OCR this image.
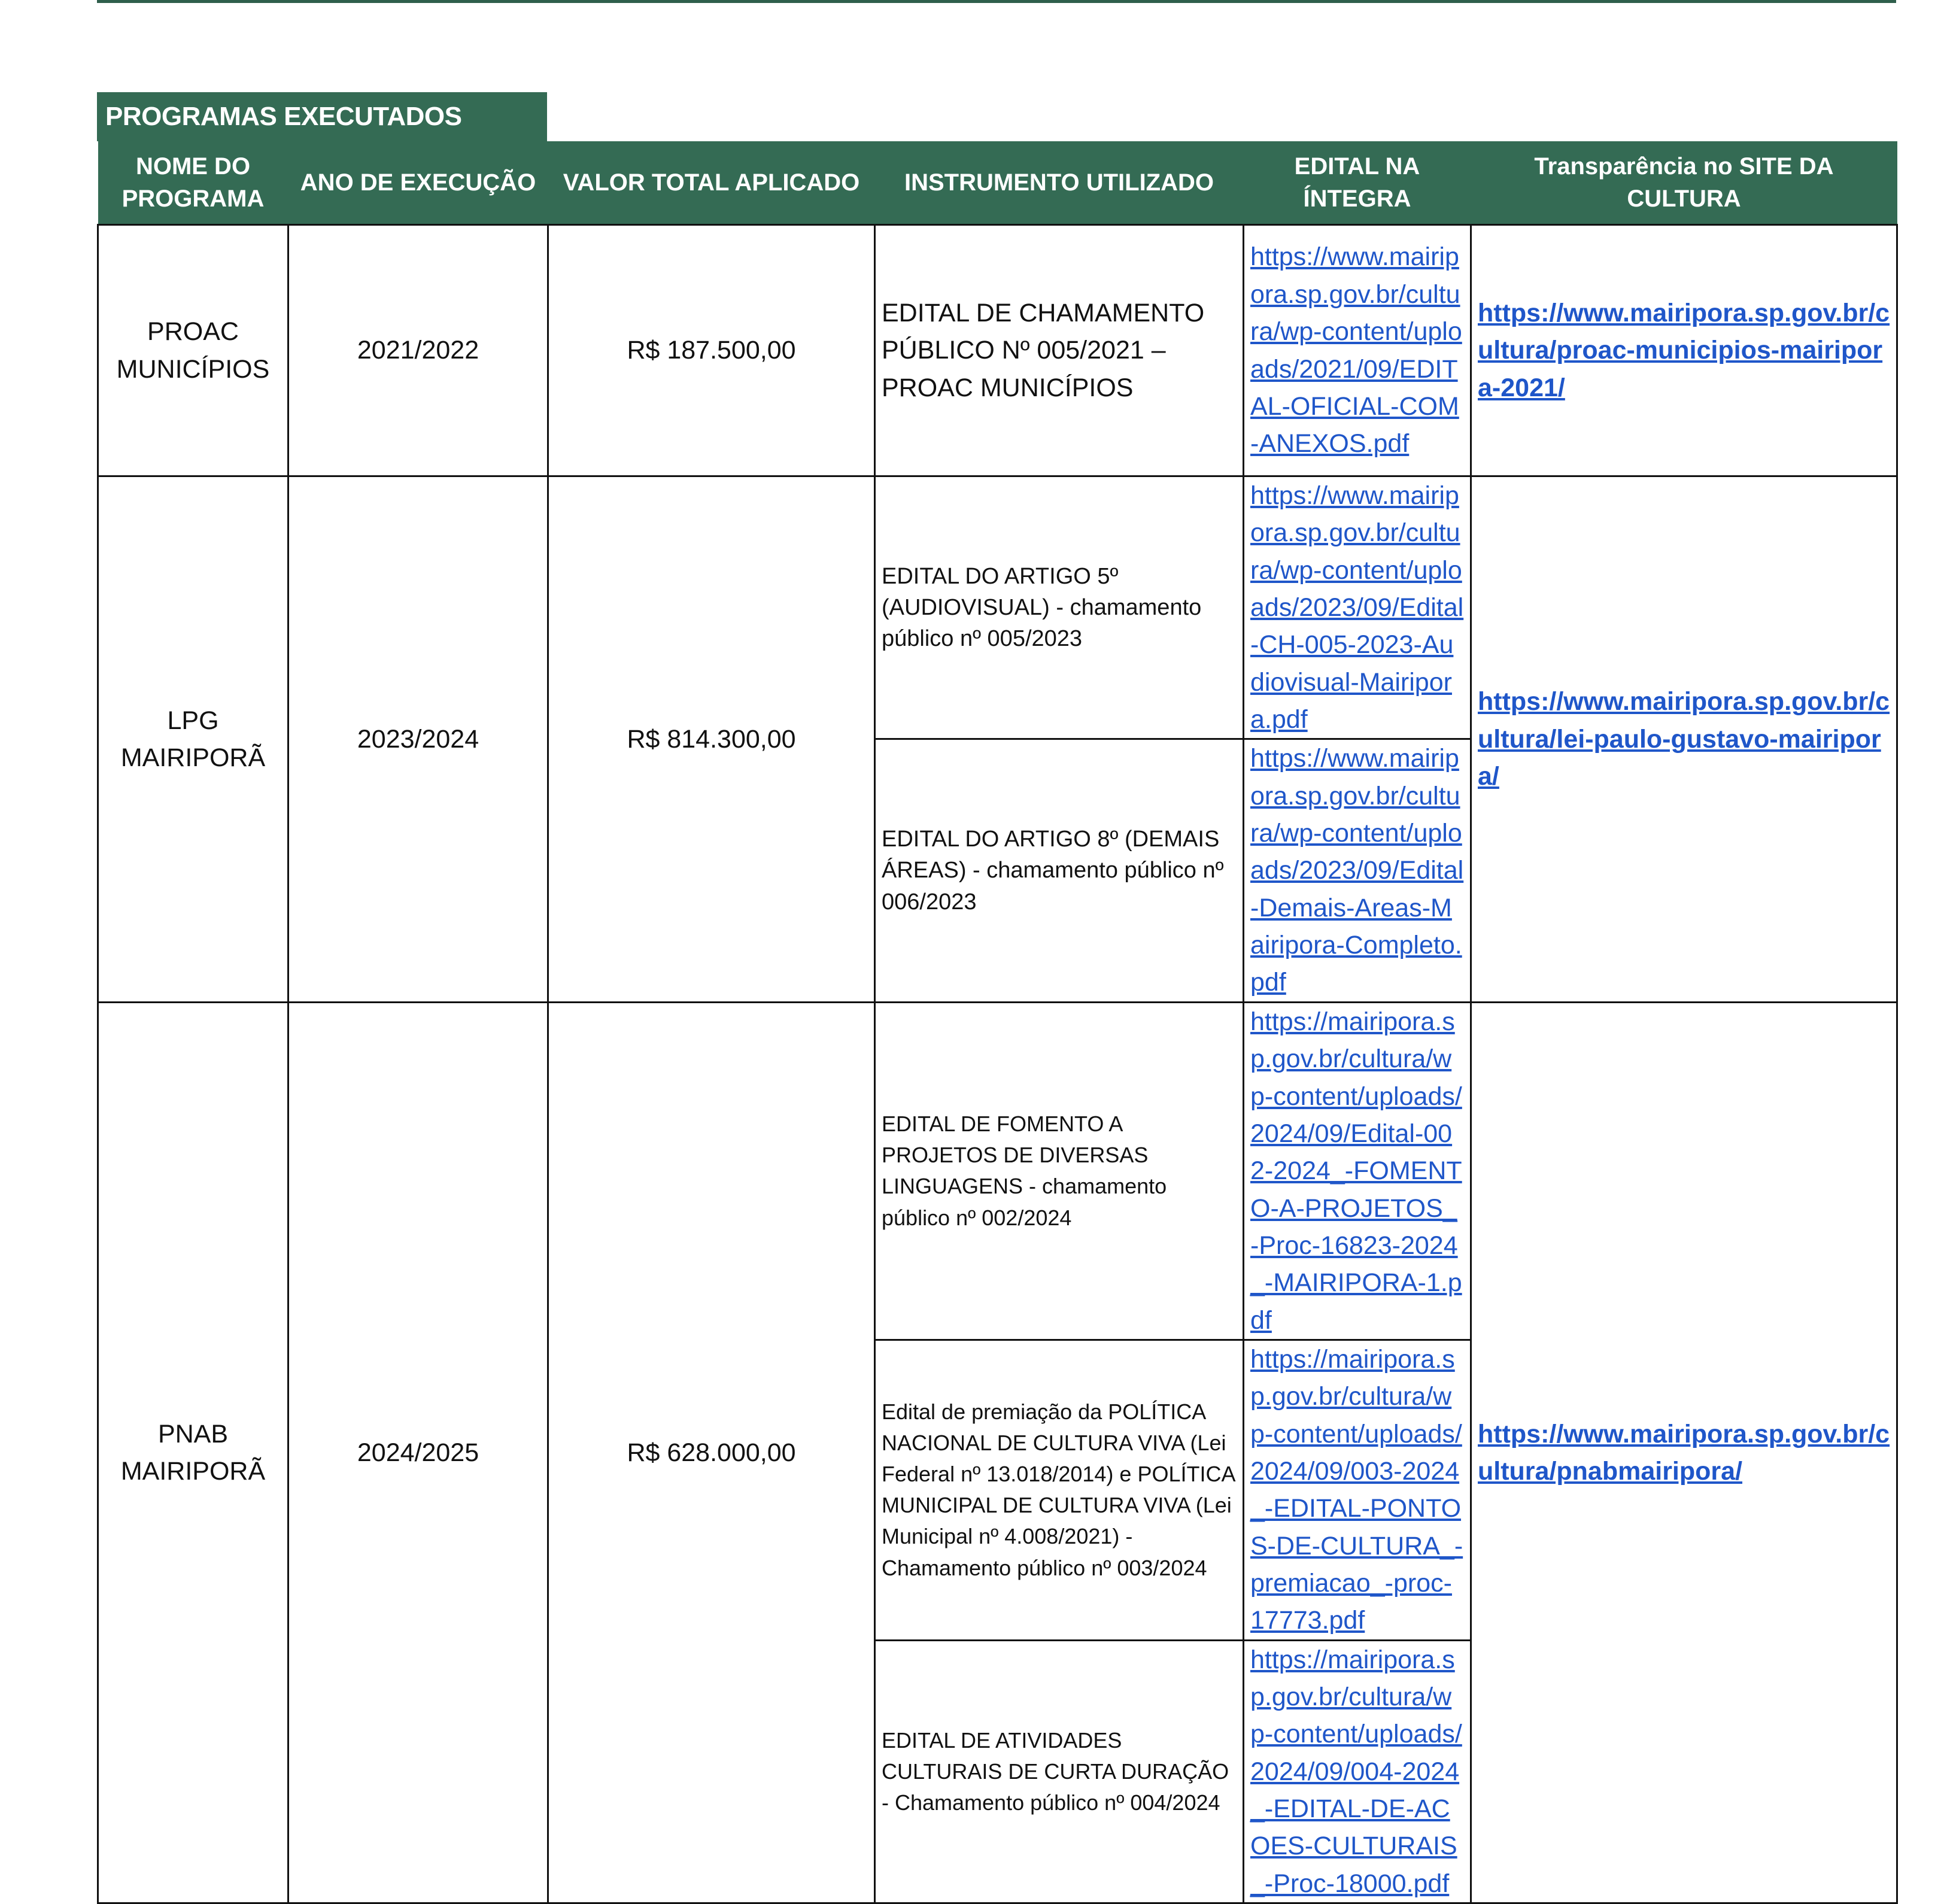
PROGRAMAS EXECUTADOS
NOME DO PROGRAMA	ANO DE EXECUÇÃO	VALOR TOTAL APLICADO	INSTRUMENTO UTILIZADO	EDITAL NA ÍNTEGRA	Transparência no SITE DA CULTURA
PROAC MUNICÍPIOS	2021/2022	R$ 187.500,00	EDITAL DE CHAMAMENTO PÚBLICO Nº 005/2021 – PROAC MUNICÍPIOS	https://www.mairipora.sp.gov.br/cultura/wp-content/uploads/2021/09/EDITAL-OFICIAL-COM-ANEXOS.pdf	https://www.mairipora.sp.gov.br/cultura/proac-municipios-mairipora-2021/
LPG MAIRIPORÃ	2023/2024	R$ 814.300,00	EDITAL DO ARTIGO 5º (AUDIOVISUAL) - chamamento público nº 005/2023	https://www.mairipora.sp.gov.br/cultura/wp-content/uploads/2023/09/Edital-CH-005-2023-Audiovisual-Mairipora.pdf	https://www.mairipora.sp.gov.br/cultura/lei-paulo-gustavo-mairipora/
			EDITAL DO ARTIGO 8º (DEMAIS ÁREAS) - chamamento público nº 006/2023	https://www.mairipora.sp.gov.br/cultura/wp-content/uploads/2023/09/Edital-Demais-Areas-Mairipora-Completo.pdf	
PNAB MAIRIPORÃ	2024/2025	R$ 628.000,00	EDITAL DE FOMENTO A PROJETOS DE DIVERSAS LINGUAGENS - chamamento público nº 002/2024	https://mairipora.sp.gov.br/cultura/wp-content/uploads/2024/09/Edital-002-2024_-FOMENTO-A-PROJETOS_-Proc-16823-2024_-MAIRIPORA-1.pdf	https://www.mairipora.sp.gov.br/cultura/pnabmairipora/
			Edital de premiação da POLÍTICA NACIONAL DE CULTURA VIVA (Lei Federal nº 13.018/2014) e POLÍTICA MUNICIPAL DE CULTURA VIVA (Lei Municipal nº 4.008/2021) - Chamamento público nº 003/2024	https://mairipora.sp.gov.br/cultura/wp-content/uploads/2024/09/003-2024_-EDITAL-PONTOS-DE-CULTURA_-premiacao_-proc-17773.pdf	
			EDITAL DE ATIVIDADES CULTURAIS DE CURTA DURAÇÃO - Chamamento público nº 004/2024	https://mairipora.sp.gov.br/cultura/wp-content/uploads/2024/09/004-2024_-EDITAL-DE-ACOES-CULTURAIS_-Proc-18000.pdf	
